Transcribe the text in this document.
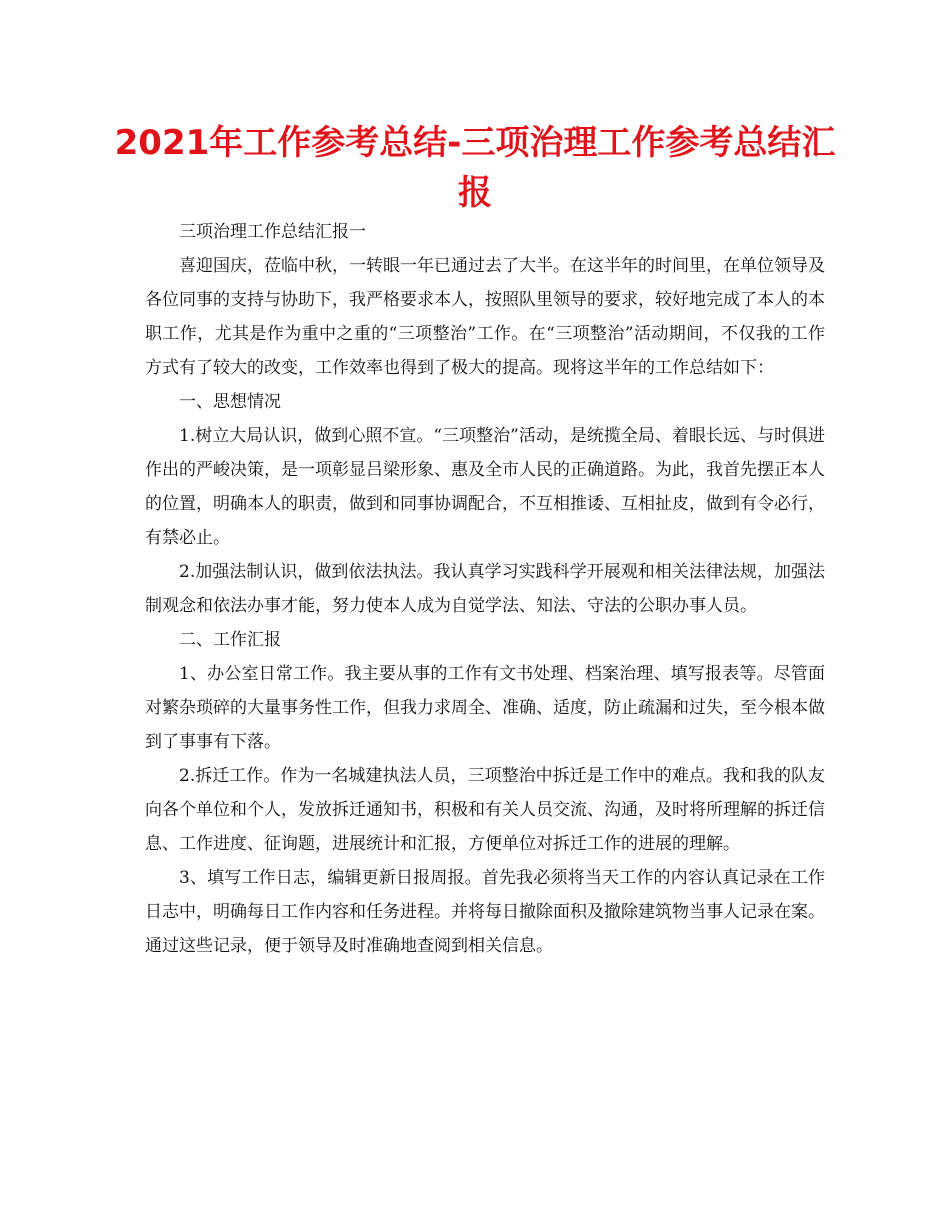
2021年工作参考总结-三项治理工作参考总结汇报

三项治理工作总结汇报一

喜迎国庆，莅临中秋，一转眼一年已通过去了大半。在这半年的时间里，在单位领导及各位同事的支持与协助下，我严格要求本人，按照队里领导的要求，较好地完成了本人的本职工作，尤其是作为重中之重的“三项整治”工作。在“三项整治”活动期间，不仅我的工作方式有了较大的改变，工作效率也得到了极大的提高。现将这半年的工作总结如下：

一、思想情况

1.树立大局认识，做到心照不宣。“三项整治”活动，是统揽全局、着眼长远、与时俱进作出的严峻决策，是一项彰显吕梁形象、惠及全市人民的正确道路。为此，我首先摆正本人的位置，明确本人的职责，做到和同事协调配合，不互相推诿、互相扯皮，做到有令必行，有禁必止。

2.加强法制认识，做到依法执法。我认真学习实践科学开展观和相关法律法规，加强法制观念和依法办事才能，努力使本人成为自觉学法、知法、守法的公职办事人员。

二、工作汇报

1、办公室日常工作。我主要从事的工作有文书处理、档案治理、填写报表等。尽管面对繁杂琐碎的大量事务性工作，但我力求周全、准确、适度，防止疏漏和过失，至今根本做到了事事有下落。

2.拆迁工作。作为一名城建执法人员，三项整治中拆迁是工作中的难点。我和我的队友向各个单位和个人，发放拆迁通知书，积极和有关人员交流、沟通，及时将所理解的拆迁信息、工作进度、征询题，进展统计和汇报，方便单位对拆迁工作的进展的理解。

3、填写工作日志，编辑更新日报周报。首先我必须将当天工作的内容认真记录在工作日志中，明确每日工作内容和任务进程。并将每日撤除面积及撤除建筑物当事人记录在案。通过这些记录，便于领导及时准确地查阅到相关信息。
